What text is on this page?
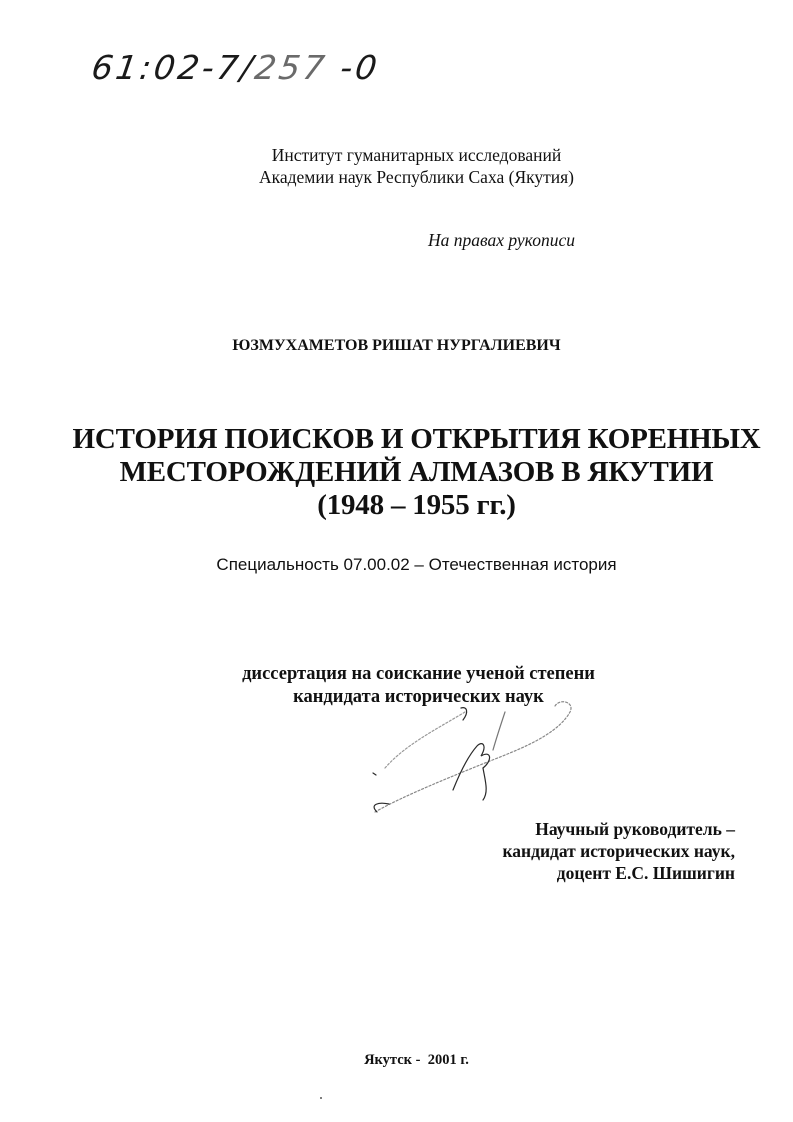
61:02-7/257 -0
Институт гуманитарных исследований
Академии наук Республики Саха (Якутия)
На правах рукописи
ЮЗМУХАМЕТОВ РИШАТ НУРГАЛИЕВИЧ
ИСТОРИЯ ПОИСКОВ И ОТКРЫТИЯ КОРЕННЫХ
МЕСТОРОЖДЕНИЙ АЛМАЗОВ В ЯКУТИИ
(1948 – 1955 гг.)
Специальность 07.00.02 – Отечественная история
диссертация на соискание ученой степени
кандидата исторических наук
Научный руководитель –
кандидат исторических наук,
доцент Е.С. Шишигин
Якутск -  2001 г.
